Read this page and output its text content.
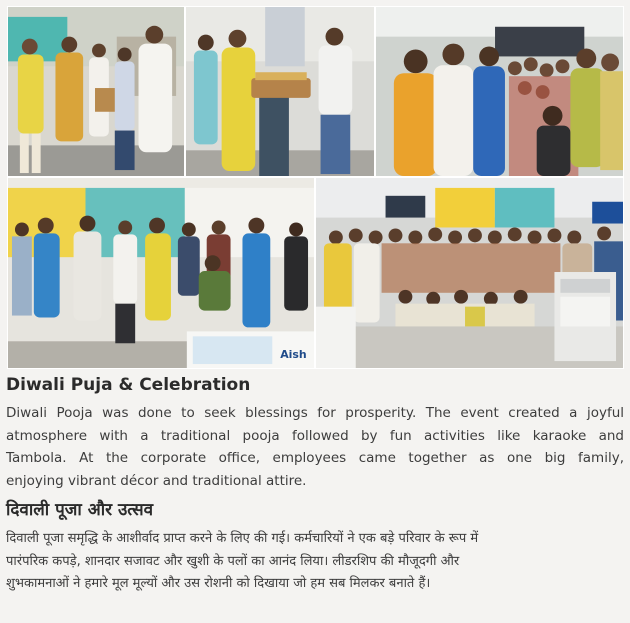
Aish
Diwali Puja & Celebration
Diwali Pooja was done to seek blessings for prosperity. The event created a joyful
atmosphere with a traditional pooja followed by fun activities like karaoke and
Tambola. At the corporate office, employees came together as one big family,
enjoying vibrant décor and traditional attire.
दिवाली पूजा और उत्सव
दिवाली पूजा समृद्धि के आशीर्वाद प्राप्त करने के लिए की गई। कर्मचारियों ने एक बड़े परिवार के रूप में
पारंपरिक कपड़े, शानदार सजावट और खुशी के पलों का आनंद लिया। लीडरशिप की मौजूदगी और
शुभकामनाओं ने हमारे मूल मूल्यों और उस रोशनी को दिखाया जो हम सब मिलकर बनाते हैं।
